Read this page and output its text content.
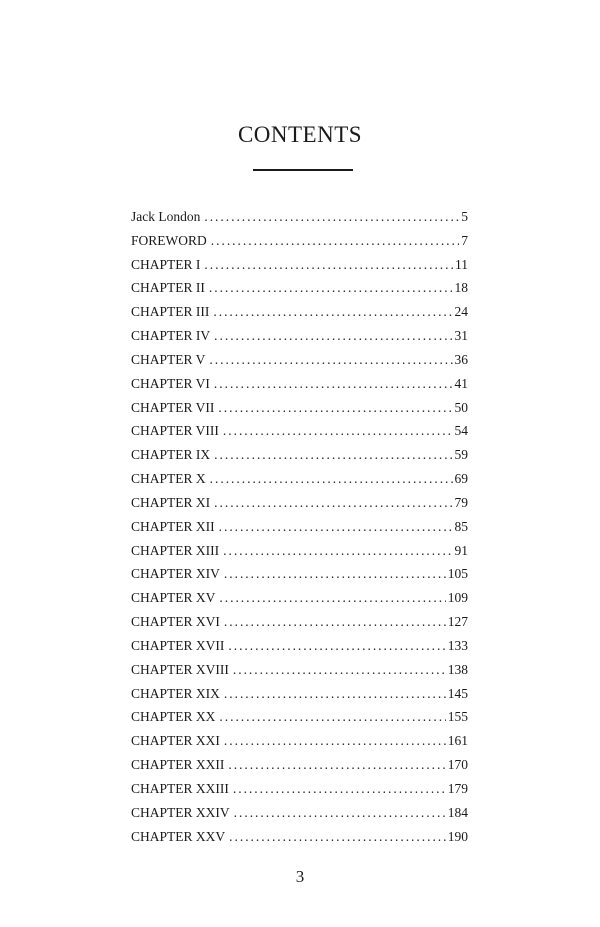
CONTENTS
Jack London . . .	5
FOREWORD . . .	7
CHAPTER I . . .	11
CHAPTER II . . .	18
CHAPTER III . . .	24
CHAPTER IV . . .	31
CHAPTER V . . .	36
CHAPTER VI . . .	41
CHAPTER VII . . .	50
CHAPTER VIII . . .	54
CHAPTER IX . . .	59
CHAPTER X . . .	69
CHAPTER XI . . .	79
CHAPTER XII . . .	85
CHAPTER XIII . . .	91
CHAPTER XIV . . .	105
CHAPTER XV . . .	109
CHAPTER XVI . . .	127
CHAPTER XVII . . .	133
CHAPTER XVIII . . .	138
CHAPTER XIX . . .	145
CHAPTER XX . . .	155
CHAPTER XXI . . .	161
CHAPTER XXII . . .	170
CHAPTER XXIII . . .	179
CHAPTER XXIV . . .	184
CHAPTER XXV . . .	190
3
